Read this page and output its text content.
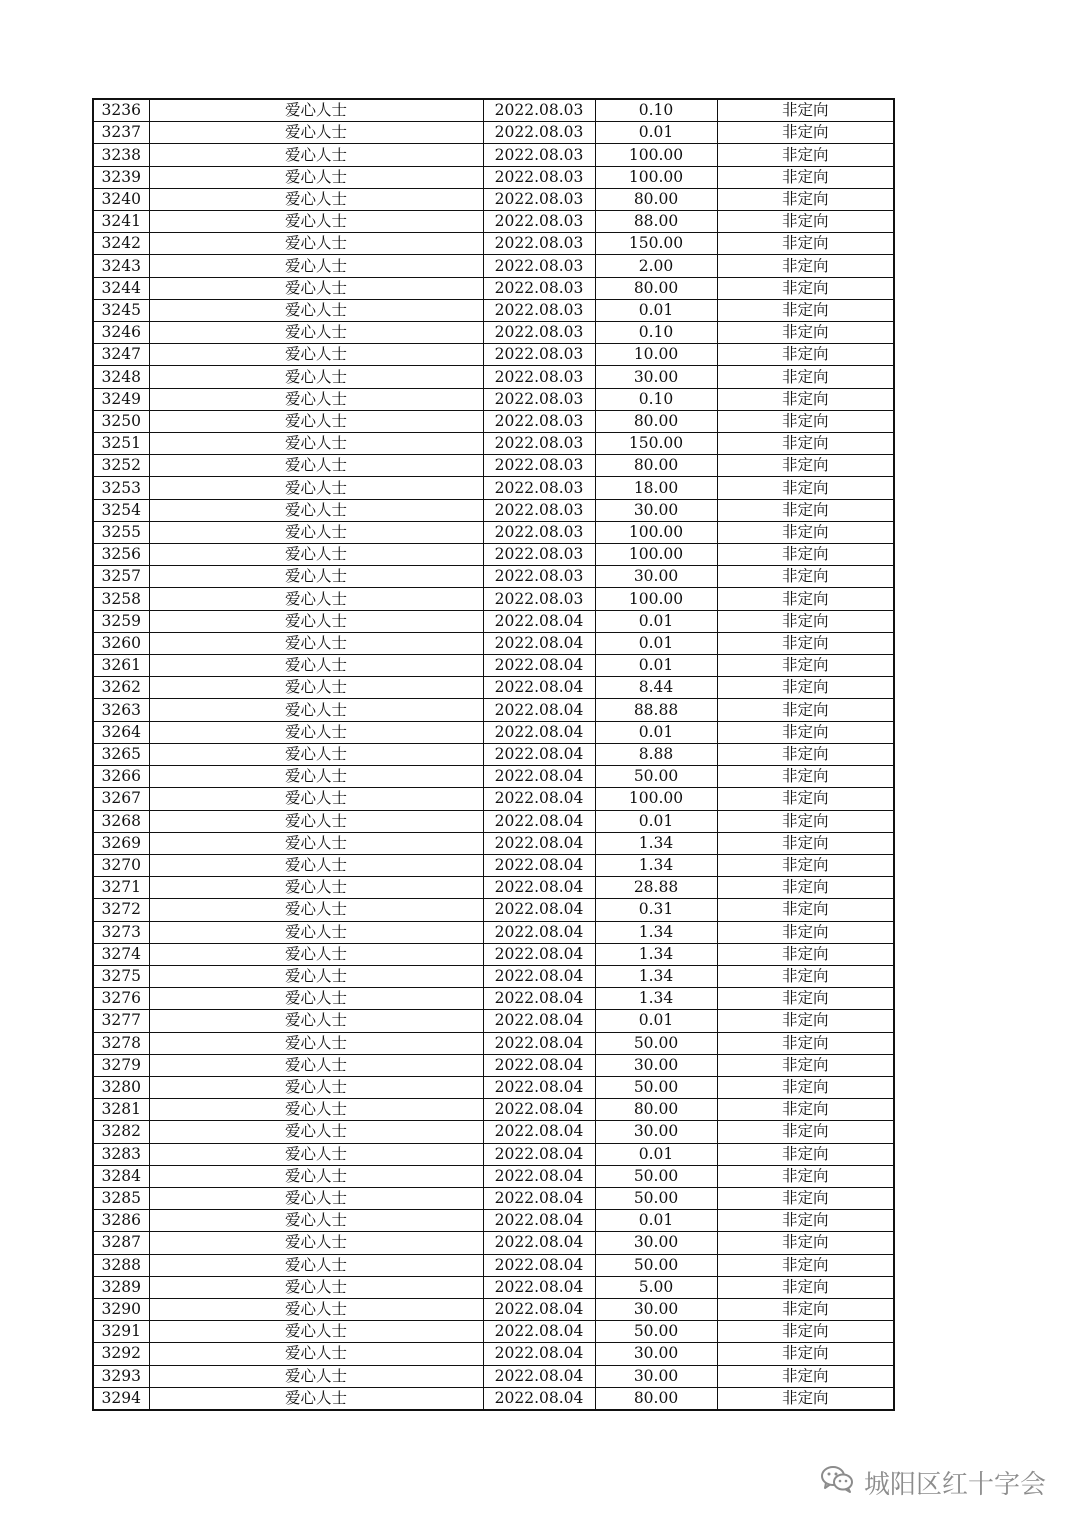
3236	爱心人士	2022.08.03	0.10	非定向
3237	爱心人士	2022.08.03	0.01	非定向
3238	爱心人士	2022.08.03	100.00	非定向
3239	爱心人士	2022.08.03	100.00	非定向
3240	爱心人士	2022.08.03	80.00	非定向
3241	爱心人士	2022.08.03	88.00	非定向
3242	爱心人士	2022.08.03	150.00	非定向
3243	爱心人士	2022.08.03	2.00	非定向
3244	爱心人士	2022.08.03	80.00	非定向
3245	爱心人士	2022.08.03	0.01	非定向
3246	爱心人士	2022.08.03	0.10	非定向
3247	爱心人士	2022.08.03	10.00	非定向
3248	爱心人士	2022.08.03	30.00	非定向
3249	爱心人士	2022.08.03	0.10	非定向
3250	爱心人士	2022.08.03	80.00	非定向
3251	爱心人士	2022.08.03	150.00	非定向
3252	爱心人士	2022.08.03	80.00	非定向
3253	爱心人士	2022.08.03	18.00	非定向
3254	爱心人士	2022.08.03	30.00	非定向
3255	爱心人士	2022.08.03	100.00	非定向
3256	爱心人士	2022.08.03	100.00	非定向
3257	爱心人士	2022.08.03	30.00	非定向
3258	爱心人士	2022.08.03	100.00	非定向
3259	爱心人士	2022.08.04	0.01	非定向
3260	爱心人士	2022.08.04	0.01	非定向
3261	爱心人士	2022.08.04	0.01	非定向
3262	爱心人士	2022.08.04	8.44	非定向
3263	爱心人士	2022.08.04	88.88	非定向
3264	爱心人士	2022.08.04	0.01	非定向
3265	爱心人士	2022.08.04	8.88	非定向
3266	爱心人士	2022.08.04	50.00	非定向
3267	爱心人士	2022.08.04	100.00	非定向
3268	爱心人士	2022.08.04	0.01	非定向
3269	爱心人士	2022.08.04	1.34	非定向
3270	爱心人士	2022.08.04	1.34	非定向
3271	爱心人士	2022.08.04	28.88	非定向
3272	爱心人士	2022.08.04	0.31	非定向
3273	爱心人士	2022.08.04	1.34	非定向
3274	爱心人士	2022.08.04	1.34	非定向
3275	爱心人士	2022.08.04	1.34	非定向
3276	爱心人士	2022.08.04	1.34	非定向
3277	爱心人士	2022.08.04	0.01	非定向
3278	爱心人士	2022.08.04	50.00	非定向
3279	爱心人士	2022.08.04	30.00	非定向
3280	爱心人士	2022.08.04	50.00	非定向
3281	爱心人士	2022.08.04	80.00	非定向
3282	爱心人士	2022.08.04	30.00	非定向
3283	爱心人士	2022.08.04	0.01	非定向
3284	爱心人士	2022.08.04	50.00	非定向
3285	爱心人士	2022.08.04	50.00	非定向
3286	爱心人士	2022.08.04	0.01	非定向
3287	爱心人士	2022.08.04	30.00	非定向
3288	爱心人士	2022.08.04	50.00	非定向
3289	爱心人士	2022.08.04	5.00	非定向
3290	爱心人士	2022.08.04	30.00	非定向
3291	爱心人士	2022.08.04	50.00	非定向
3292	爱心人士	2022.08.04	30.00	非定向
3293	爱心人士	2022.08.04	30.00	非定向
3294	爱心人士	2022.08.04	80.00	非定向
城阳区红十字会
